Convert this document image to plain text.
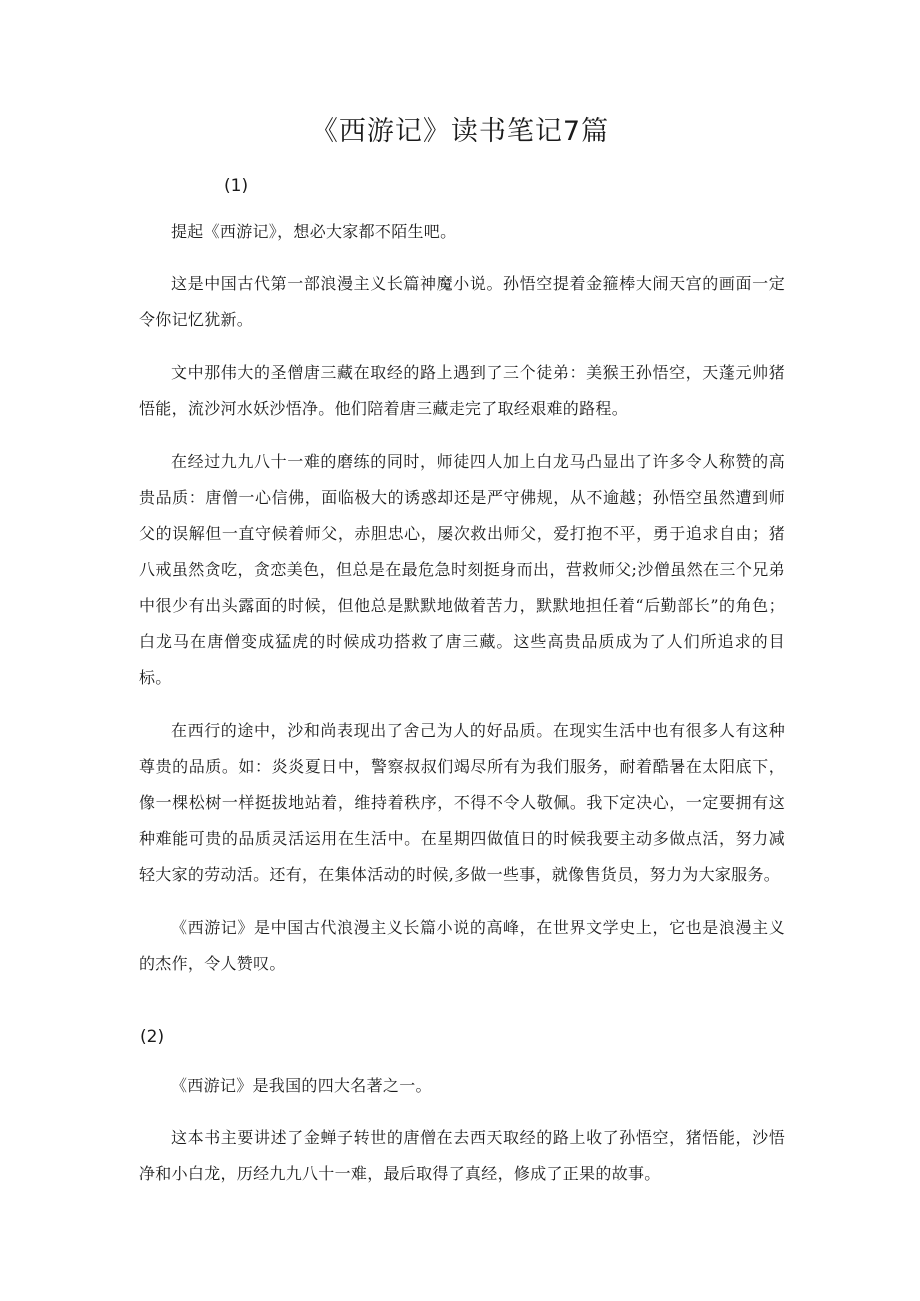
《西游记》读书笔记7篇

(1)

提起《西游记》，想必大家都不陌生吧。

这是中国古代第一部浪漫主义长篇神魔小说。孙悟空提着金箍棒大闹天宫的画面一定令你记忆犹新。

文中那伟大的圣僧唐三藏在取经的路上遇到了三个徒弟：美猴王孙悟空，天蓬元帅猪悟能，流沙河水妖沙悟净。他们陪着唐三藏走完了取经艰难的路程。

在经过九九八十一难的磨练的同时，师徒四人加上白龙马凸显出了许多令人称赞的高贵品质：唐僧一心信佛，面临极大的诱惑却还是严守佛规，从不逾越；孙悟空虽然遭到师父的误解但一直守候着师父，赤胆忠心，屡次救出师父，爱打抱不平，勇于追求自由；猪八戒虽然贪吃，贪恋美色，但总是在最危急时刻挺身而出，营救师父;沙僧虽然在三个兄弟中很少有出头露面的时候，但他总是默默地做着苦力，默默地担任着“后勤部长”的角色；白龙马在唐僧变成猛虎的时候成功搭救了唐三藏。这些高贵品质成为了人们所追求的目标。

在西行的途中，沙和尚表现出了舍己为人的好品质。在现实生活中也有很多人有这种尊贵的品质。如：炎炎夏日中，警察叔叔们竭尽所有为我们服务，耐着酷暑在太阳底下，像一棵松树一样挺拔地站着，维持着秩序，不得不令人敬佩。我下定决心，一定要拥有这种难能可贵的品质灵活运用在生活中。在星期四做值日的时候我要主动多做点活，努力减轻大家的劳动活。还有，在集体活动的时候,多做一些事，就像售货员，努力为大家服务。

《西游记》是中国古代浪漫主义长篇小说的高峰，在世界文学史上，它也是浪漫主义的杰作，令人赞叹。

(2)

《西游记》是我国的四大名著之一。

这本书主要讲述了金蝉子转世的唐僧在去西天取经的路上收了孙悟空，猪悟能，沙悟净和小白龙，历经九九八十一难，最后取得了真经，修成了正果的故事。
